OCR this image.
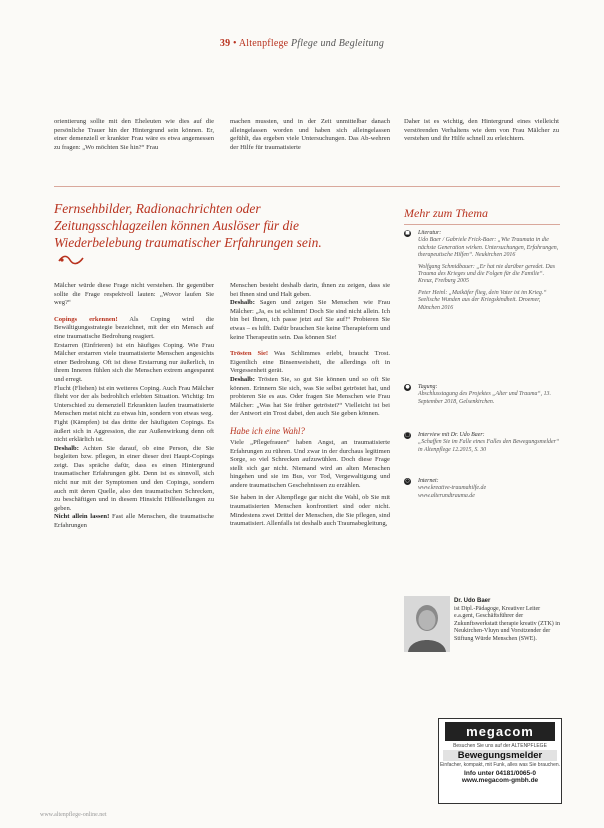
39 • Altenpflege Pflege und Begleitung

orientierung sollte mit den Eheleuten wie dies auf die persönliche Trauer hin der Hintergrund sein können. Er, einer demenziell er krankter Frau wäre es etwa angemessen zu fragen: „Wo möchten Sie hin?“ Frau

machen mussten, und in der Zeit unmittelbar danach alleingelassen worden und haben sich alleingelassen gefühlt, das ergeben viele Untersuchungen. Das Ab-wehren der Hilfe für traumatisierte

Daher ist es wichtig, den Hintergrund eines vielleicht verstörenden Verhaltens wie dem von Frau Mälcher zu verstehen und ihr Hilfe schnell zu erleichtern.

Fernsehbilder, Radionachrichten oder Zeitungsschlagzeilen können Auslöser für die Wiederbelebung traumatischer Erfahrungen sein.

Mälcher würde diese Frage nicht verstehen. Ihr gegenüber sollte die Frage respektvoll lauten: „Wovor laufen Sie weg?“

Copings erkennen! Als Coping wird die Bewältigungsstrategie bezeichnet, mit der ein Mensch auf eine traumatische Bedrohung reagiert.

Erstarren (Einfrieren) ist ein häufiges Coping. Wie Frau Mälcher erstarren viele traumatisierte Menschen angesichts einer Bedrohung. Oft ist diese Erstarrung nur äußerlich, in ihrem Inneren fühlen sich die Menschen extrem angespannt und erregt.

Flucht (Fliehen) ist ein weiteres Coping. Auch Frau Mälcher flieht vor der als bedrohlich erlebten Situation. Wichtig: Im Unterschied zu demenziell Erkrankten laufen traumatisierte Menschen meist nicht zu etwas hin, sondern von etwas weg.

Fight (Kämpfen) ist das dritte der häufigsten Copings. Es äußert sich in Aggression, die zur Außenwirkung denn oft nicht erklärlich ist.

Deshalb: Achten Sie darauf, ob eine Person, die Sie begleiten bzw. pflegen, in einer dieser drei Haupt-Copings zeigt. Das spräche dafür, dass es einen Hintergrund traumatischer Erfahrungen gibt. Denn ist es sinnvoll, sich nicht nur mit der Symptomen und den Copings, sondern auch mit deren Quelle, also den traumatischen Schrecken, zu beschäftigen und in diesem Hinsicht Hilfestellungen zu geben.

Nicht allein lassen! Fast alle Menschen, die traumatische Erfahrungen

Menschen besteht deshalb darin, ihnen zu zeigen, dass sie bei Ihnen sind und Halt geben.

Deshalb: Sagen und zeigen Sie Menschen wie Frau Mälcher: „Ja, es ist schlimm! Doch Sie sind nicht allein. Ich bin bei Ihnen, ich passe jetzt auf Sie auf!“ Probieren Sie etwas – es hilft. Dafür brauchen Sie keine Therapieform und keine Therapeutin sein. Das können Sie!

Trösten Sie! Was Schlimmes erlebt, braucht Trost. Eigentlich eine Binsenweisheit, die allerdings oft in Vergessenheit gerät.

Deshalb: Trösten Sie, so gut Sie können und so oft Sie können. Erinnern Sie sich, was Sie selbst getröstet hat, und probieren Sie es aus. Oder fragen Sie Menschen wie Frau Mälcher: „Was hat Sie früher getröstet?“ Vielleicht ist bei der Antwort ein Trost dabei, den auch Sie geben können.

Habe ich eine Wahl?

Viele „Pflegefrauen“ haben Angst, an traumatisierte Erfahrungen zu rühren. Und zwar in der durchaus legitimen Sorge, so viel Schrecken aufzuwühlen. Doch diese Frage stellt sich gar nicht. Niemand wird an alten Menschen hingehen und sie im Bus, vor Tod, Vergewaltigung und andere traumatischen Geschehnissen zu erzählen.

Sie haben in der Altenpflege gar nicht die Wahl, ob Sie mit traumatisierten Menschen konfrontiert sind oder nicht. Mindestens zwei Drittel der Menschen, die Sie pflegen, sind traumatisiert. Allenfalls ist deshalb auch Traumabegleitung,

Mehr zum Thema
■ Literatur:
Udo Baer / Gabriele Frick-Baer: „Wie Traumata in die nächste Generation wirken. Untersuchungen, Erfahrungen, therapeutische Hilfen“. Neukirchen 2016
Wolfgang Schmidbauer: „Er hat nie darüber geredet. Das Trauma des Krieges und die Folgen für die Familie“. Kreuz, Freiburg 2005
Peter Heinl: „Maikäfer flieg, dein Vater ist im Krieg.“ Seelische Wunden aus der Kriegskindheit. Droemer, München 2016
● Tagung:
Abschlusstagung des Projektes „Alter und Trauma“, 13. September 2018, Gelsenkirchen.
□ Interview mit Dr. Udo Baer:
„Schaffen Sie im Falle eines Falles den Bewegungsmelder“ in Altenpflege 12.2015, S. 30
○ Internet:
www.kreative-traumahilfe.de
www.alterundtrauma.de
Dr. Udo Baer
ist Dipl.-Pädagoge, Kreativer Leiter e.a.gent, Geschäftsführer der Zukunftswerkstatt therapie kreativ (ZTK) in Neukirchen-Vluyn und Vorsitzender der Stiftung Würde Menschen (SWE).
megacom
Besuchen Sie uns auf der ALTENPFLEGE
Bewegungsmelder
Einfacher, kompakt, mit Funk, alles was Sie brauchen.
Info unter 04181/0065-0
www.megacom-gmbh.de
www.altenpflege-online.net
